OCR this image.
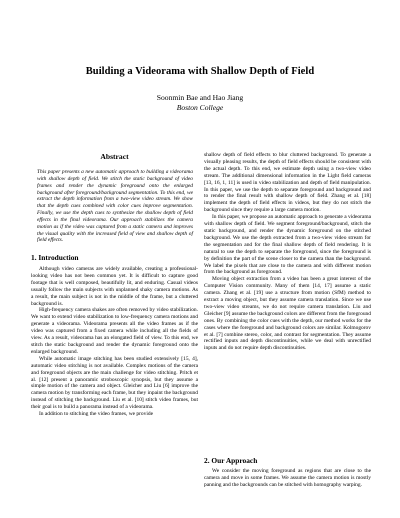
Building a Videorama with Shallow Depth of Field
Soonmin Bae and Hao Jiang
Boston College
Abstract
This paper presents a new automatic approach to building a videorama with shallow depth of field. We stitch the static background of video frames and render the dynamic foreground onto the enlarged background after foreground/background segmentation. To this end, we extract the depth information from a two-view video stream. We show that the depth cues combined with color cues improve segmentation. Finally, we use the depth cues to synthesize the shallow depth of field effects in the final videorama. Our approach stabilizes the camera motion as if the video was captured from a static camera and improves the visual quality with the increased field of view and shallow depth of field effects.
1. Introduction

Although video cameras are widely available, creating a professional-looking video has not been common yet. It is difficult to capture good footage that is well composed, beautifully lit, and enduring. Casual videos usually follow the main subjects with unplanned shaky camera motions. As a result, the main subject is not in the middle of the frame, but a cluttered background is.

High-frequency camera shakes are often removed by video stabilization. We want to extend video stabilization to low-frequency camera motions and generate a videorama. Videorama presents all the video frames as if the video was captured from a fixed camera while including all the fields of view. As a result, videorama has an elongated field of view. To this end, we stitch the static background and render the dynamic foreground onto the enlarged background.

While automatic image stitching has been studied extensively [15, 4], automatic video stitching is not available. Complex motions of the camera and foreground objects are the main challenge for video stitching. Pritch et al. [12] present a panoramic stroboscopic synopsis, but they assume a simple motion of the camera and object. Gleicher and Liu [6] improve the camera motion by transforming each frame, but they inpaint the background instead of stitching the background. Liu et al. [10] stitch video frames, but their goal is to build a panorama instead of a videorama.

In addition to stitching the video frames, we provide

shallow depth of field effects to blur cluttered background. To generate a visually pleasing results, the depth of field effects should be consistent with the actual depth. To this end, we estimate depth using a two-view video stream. The additional dimensional information in the Light field cameras [13, 16, 1, 11] is used in video stabilization and depth of field manipulation. In this paper, we use the depth to separate foreground and background and to render the final result with shallow depth of field. Zhang et al. [18] implement the depth of field effects in videos, but they do not stitch the background since they require a large camera motion.

In this paper, we propose an automatic approach to generate a videorama with shallow depth of field. We segment foreground/background, stitch the static background, and render the dynamic foreground on the stitched background. We use the depth extracted from a two-view video stream for the segmentation and for the final shallow depth of field rendering. It is natural to use the depth to separate the foreground, since the foreground is by definition the part of the scene closer to the camera than the background. We label the pixels that are close to the camera and with different motion from the background as foreground.

Moving object extraction from a video has been a great interest of the Computer Vision community. Many of them [14, 17] assume a static camera. Zhang et al. [19] use a structure from motion (SfM) method to extract a moving object, but they assume camera translation. Since we use two-view video streams, we do not require camera translation. Liu and Gleicher [9] assume the background colors are different from the foreground ones. By combining the color cues with the depth, our method works for the cases where the foreground and background colors are similar. Kolmogorov et al. [7] combine stereo, color, and contrast for segmentation. They assume rectified inputs and depth discontinuities, while we deal with unrectified inputs and do not require depth discontinuities.

2. Our Approach

We consider the moving foreground as regions that are close to the camera and move in some frames. We assume the camera motion is mostly panning and the backgrounds can be stitched with homography warping.
